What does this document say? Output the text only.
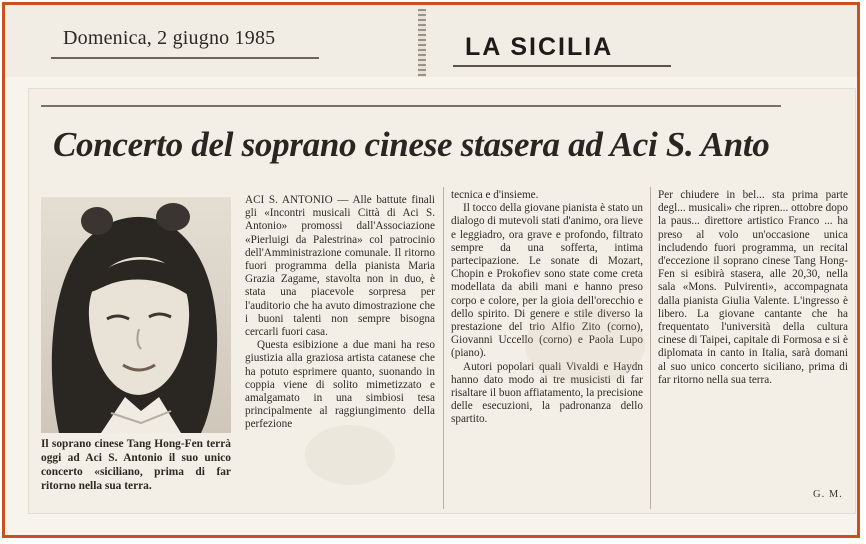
Domenica, 2 giugno 1985	LA SICILIA
Concerto del soprano cinese stasera ad Aci S. Anto
Il soprano cinese Tang Hong-Fen terrà oggi ad Aci S. Antonio il suo unico concerto «siciliano, prima di far ritorno nella sua terra.

ACI S. ANTONIO — Alle battute finali gli «Incontri musicali Città di Aci S. Antonio» promossi dall'Associazione «Pierluigi da Palestrina» col patrocinio dell'Amministrazione comunale. Il ritorno fuori programma della pianista Maria Grazia Zagame, stavolta non in duo, è stata una piacevole sorpresa per l'auditorio che ha avuto dimostrazione che i buoni talenti non sempre bisogna cercarli fuori casa.

Questa esibizione a due mani ha reso giustizia alla graziosa artista catanese che ha potuto esprimere quanto, suonando in coppia viene di solito mimetizzato e amalgamato in una simbiosi tesa principalmente al raggiungimento della perfezione

tecnica e d'insieme.

Il tocco della giovane pianista è stato un dialogo di mutevoli stati d'animo, ora lieve e leggiadro, ora grave e profondo, filtrato sempre da una sofferta, intima partecipazione. Le sonate di Mozart, Chopin e Prokofiev sono state come creta modellata da abili mani e hanno preso corpo e colore, per la gioia dell'orecchio e dello spirito. Di genere e stile diverso la prestazione del trio Alfio Zito (corno), Giovanni Uccello (corno) e Paola Lupo (piano).

Autori popolari quali Vivaldi e Haydn hanno dato modo ai tre musicisti di far risaltare il buon affiatamento, la precisione delle esecuzioni, la padronanza dello spartito.

Per chiudere in bel... sta prima parte degl... musicali» che ripren... ottobre dopo la paus... direttore artistico Franco ... ha preso al volo un'occasione unica includendo fuori programma, un recital d'eccezione il soprano cinese Tang Hong-Fen si esibirà stasera, alle 20,30, nella sala «Mons. Pulvirenti», accompagnata dalla pianista Giulia Valente. L'ingresso è libero. La giovane cantante che ha frequentato l'università della cultura cinese di Taipei, capitale di Formosa e si è diplomata in canto in Italia, sarà domani al suo unico concerto siciliano, prima di far ritorno nella sua terra.

G. M.
